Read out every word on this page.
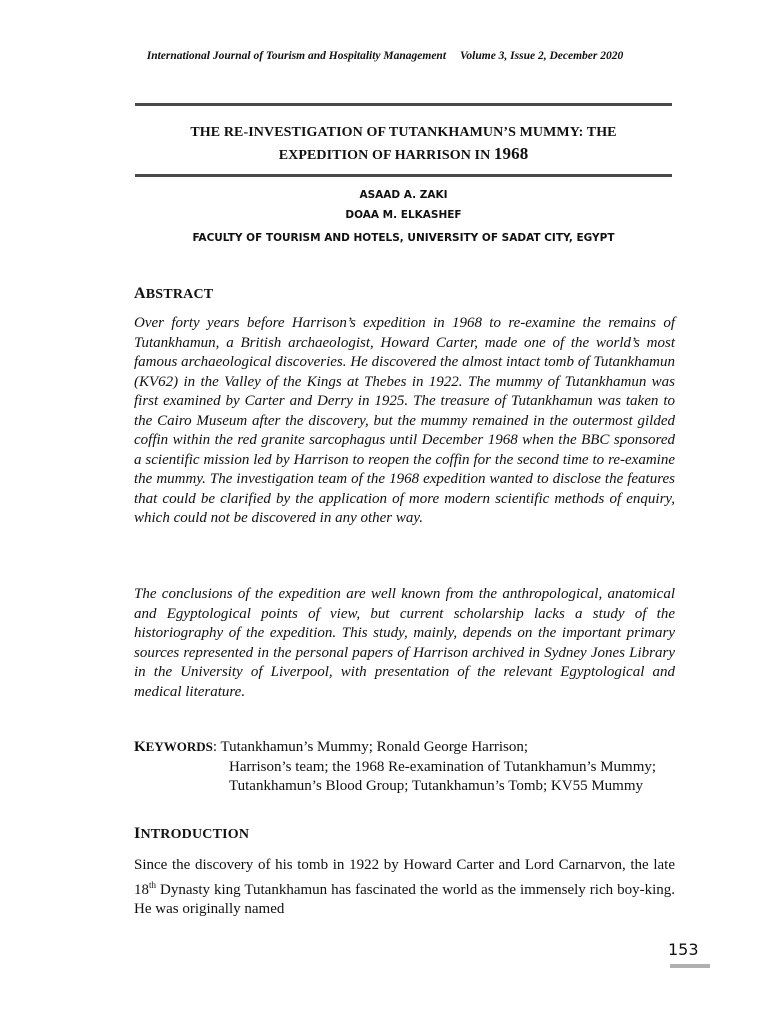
International Journal of Tourism and Hospitality Management Volume 3, Issue 2, December 2020
THE RE-INVESTIGATION OF TUTANKHAMUN’S MUMMY: THE
EXPEDITION OF HARRISON IN 1968
ASAAD A. ZAKI
DOAA M. ELKASHEF
FACULTY OF TOURISM AND HOTELS, UNIVERSITY OF SADAT CITY, EGYPT
ABSTRACT

Over forty years before Harrison’s expedition in 1968 to re-examine the remains of Tutankhamun, a British archaeologist, Howard Carter, made one of the world’s most famous archaeological discoveries. He discovered the almost intact tomb of Tutankhamun (KV62) in the Valley of the Kings at Thebes in 1922. The mummy of Tutankhamun was first examined by Carter and Derry in 1925. The treasure of Tutankhamun was taken to the Cairo Museum after the discovery, but the mummy remained in the outermost gilded coffin within the red granite sarcophagus until December 1968 when the BBC sponsored a scientific mission led by Harrison to reopen the coffin for the second time to re-examine the mummy. The investigation team of the 1968 expedition wanted to disclose the features that could be clarified by the application of more modern scientific methods of enquiry, which could not be discovered in any other way.

The conclusions of the expedition are well known from the anthropological, anatomical and Egyptological points of view, but current scholarship lacks a study of the historiography of the expedition. This study, mainly, depends on the important primary sources represented in the personal papers of Harrison archived in Sydney Jones Library in the University of Liverpool, with presentation of the relevant Egyptological and medical literature.

KEYWORDS: Tutankhamun’s Mummy; Ronald George Harrison;
Harrison’s team; the 1968 Re-examination of Tutankhamun’s Mummy; Tutankhamun’s Blood Group; Tutankhamun’s Tomb; KV55 Mummy
INTRODUCTION

Since the discovery of his tomb in 1922 by Howard Carter and Lord Carnarvon, the late 18th Dynasty king Tutankhamun has fascinated the world as the immensely rich boy-king. He was originally named

153
